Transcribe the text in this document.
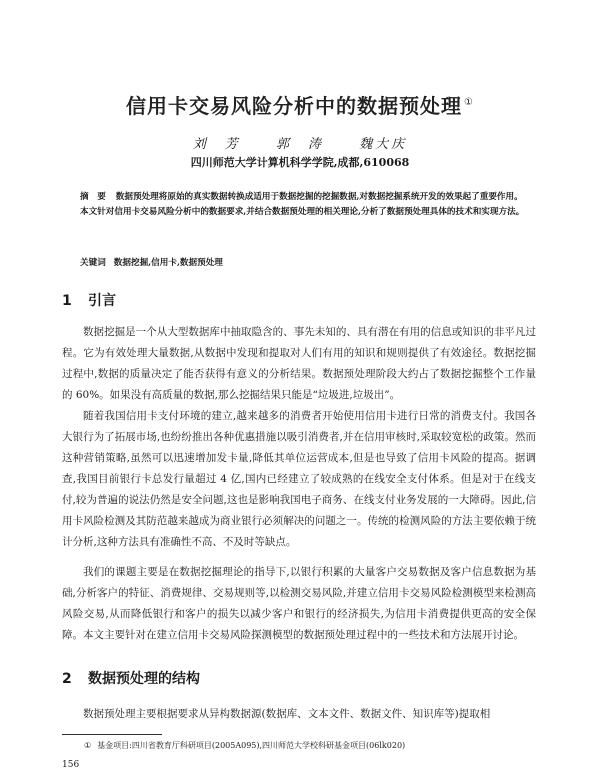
信用卡交易风险分析中的数据预处理 ①
刘　芳	郭　涛	魏大庆
四川师范大学计算机科学学院,成都,610068
摘　要 数据预处理将原始的真实数据转换成适用于数据挖掘的挖掘数据,对数据挖掘系统开发的效果起了重要作用。本文针对信用卡交易风险分析中的数据要求,并结合数据预处理的相关理论,分析了数据预处理具体的技术和实现方法。
关键词 数据挖掘,信用卡,数据预处理
1 引言

数据挖掘是一个从大型数据库中抽取隐含的、事先未知的、具有潜在有用的信息或知识的非平凡过程。它为有效处理大量数据,从数据中发现和提取对人们有用的知识和规则提供了有效途径。数据挖掘过程中,数据的质量决定了能否获得有意义的分析结果。数据预处理阶段大约占了数据挖掘整个工作量的 60%。如果没有高质量的数据,那么挖掘结果只能是“垃圾进,垃圾出”。

随着我国信用卡支付环境的建立,越来越多的消费者开始使用信用卡进行日常的消费支付。我国各大银行为了拓展市场,也纷纷推出各种优惠措施以吸引消费者,并在信用审核时,采取较宽松的政策。然而这种营销策略,虽然可以迅速增加发卡量,降低其单位运营成本,但是也导致了信用卡风险的提高。据调查,我国目前银行卡总发行量超过 4 亿,国内已经建立了较成熟的在线安全支付体系。但是对于在线支付,较为普遍的说法仍然是安全问题,这也是影响我国电子商务、在线支付业务发展的一大障碍。因此,信用卡风险检测及其防范越来越成为商业银行必须解决的问题之一。传统的检测风险的方法主要依赖于统计分析,这种方法具有准确性不高、不及时等缺点。

我们的课题主要是在数据挖掘理论的指导下,以银行积累的大量客户交易数据及客户信息数据为基础,分析客户的特征、消费规律、交易规则等,以检测交易风险,并建立信用卡交易风险检测模型来检测高风险交易,从而降低银行和客户的损失以减少客户和银行的经济损失,为信用卡消费提供更高的安全保障。本文主要针对在建立信用卡交易风险探测模型的数据预处理过程中的一些技术和方法展开讨论。

2 数据预处理的结构

数据预处理主要根据要求从异构数据源(数据库、文本文件、数据文件、知识库等)提取相

① 基金项目:四川省教育厅科研项目(2005A095),四川师范大学校科研基金项目(06lk020)
156
